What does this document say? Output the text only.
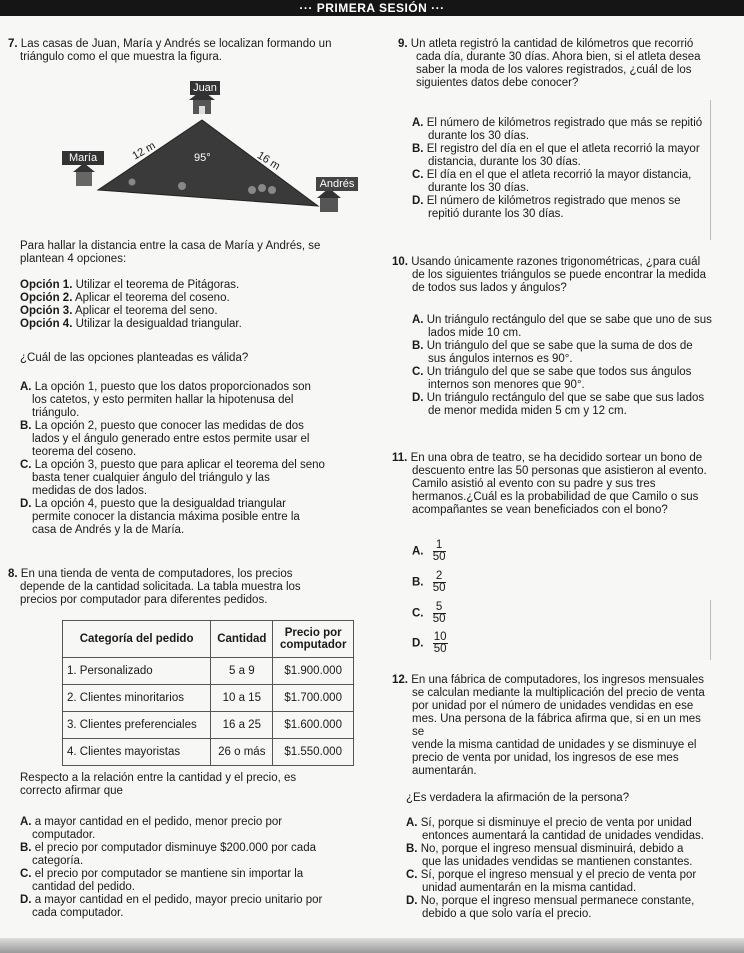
··· PRIMERA SESIÓN ···

7. Las casas de Juan, María y Andrés se localizan formando un

triángulo como el que muestra la figura.

Juan
María
Andrés
12 m	16 m
95°

Para hallar la distancia entre la casa de María y Andrés, se

plantean 4 opciones:

Opción 1. Utilizar el teorema de Pitágoras.

Opción 2. Aplicar el teorema del coseno.

Opción 3. Aplicar el teorema del seno.

Opción 4. Utilizar la desigualdad triangular.

¿Cuál de las opciones planteadas es válida?

A. La opción 1, puesto que los datos proporcionados son

los catetos, y esto permiten hallar la hipotenusa del

triángulo.

B. La opción 2, puesto que conocer las medidas de dos

lados y el ángulo generado entre estos permite usar el

teorema del coseno.

C. La opción 3, puesto que para aplicar el teorema del seno

basta tener cualquier ángulo del triángulo y las

medidas de dos lados.

D. La opción 4, puesto que la desigualdad triangular

permite conocer la distancia máxima posible entre la

casa de Andrés y la de María.

8. En una tienda de venta de computadores, los precios

depende de la cantidad solicitada. La tabla muestra los

precios por computador para diferentes pedidos.

Categoría del pedido	Cantidad	Precio por
computador
1. Personalizado	5 a 9	$1.900.000
2. Clientes minoritarios	10 a 15	$1.700.000
3. Clientes preferenciales	16 a 25	$1.600.000
4. Clientes mayoristas	26 o más	$1.550.000

Respecto a la relación entre la cantidad y el precio, es

correcto afirmar que

A. a mayor cantidad en el pedido, menor precio por

computador.

B. el precio por computador disminuye $200.000 por cada

categoría.

C. el precio por computador se mantiene sin importar la

cantidad del pedido.

D. a mayor cantidad en el pedido, mayor precio unitario por

cada computador.

9. Un atleta registró la cantidad de kilómetros que recorrió

cada día, durante 30 días. Ahora bien, si el atleta desea

saber la moda de los valores registrados, ¿cuál de los

siguientes datos debe conocer?

A. El número de kilómetros registrado que más se repitió

durante los 30 días.

B. El registro del día en el que el atleta recorrió la mayor

distancia, durante los 30 días.

C. El día en el que el atleta recorrió la mayor distancia,

durante los 30 días.

D. El número de kilómetros registrado que menos se

repitió durante los 30 días.

10. Usando únicamente razones trigonométricas, ¿para cuál

de los siguientes triángulos se puede encontrar la medida

de todos sus lados y ángulos?

A. Un triángulo rectángulo del que se sabe que uno de sus

lados mide 10 cm.

B. Un triángulo del que se sabe que la suma de dos de

sus ángulos internos es 90°.

C. Un triángulo del que se sabe que todos sus ángulos

internos son menores que 90°.

D. Un triángulo rectángulo del que se sabe que sus lados

de menor medida miden 5 cm y 12 cm.

11. En una obra de teatro, se ha decidido sortear un bono de

descuento entre las 50 personas que asistieron al evento.

Camilo asistió al evento con su padre y sus tres

hermanos.¿Cuál es la probabilidad de que Camilo o sus

acompañantes se vean beneficiados con el bono?

A. $\frac{1}{50}$
B. $\frac{2}{50}$
C. $\frac{5}{50}$
D. $\frac{10}{50}$

12. En una fábrica de computadores, los ingresos mensuales

se calculan mediante la multiplicación del precio de venta

por unidad por el número de unidades vendidas en ese

mes. Una persona de la fábrica afirma que, si en un mes se

vende la misma cantidad de unidades y se disminuye el

precio de venta por unidad, los ingresos de ese mes

aumentarán.

¿Es verdadera la afirmación de la persona?

A. Sí, porque si disminuye el precio de venta por unidad

entonces aumentará la cantidad de unidades vendidas.

B. No, porque el ingreso mensual disminuirá, debido a

que las unidades vendidas se mantienen constantes.

C. Sí, porque el ingreso mensual y el precio de venta por

unidad aumentarán en la misma cantidad.

D. No, porque el ingreso mensual permanece constante,

debido a que solo varía el precio.
